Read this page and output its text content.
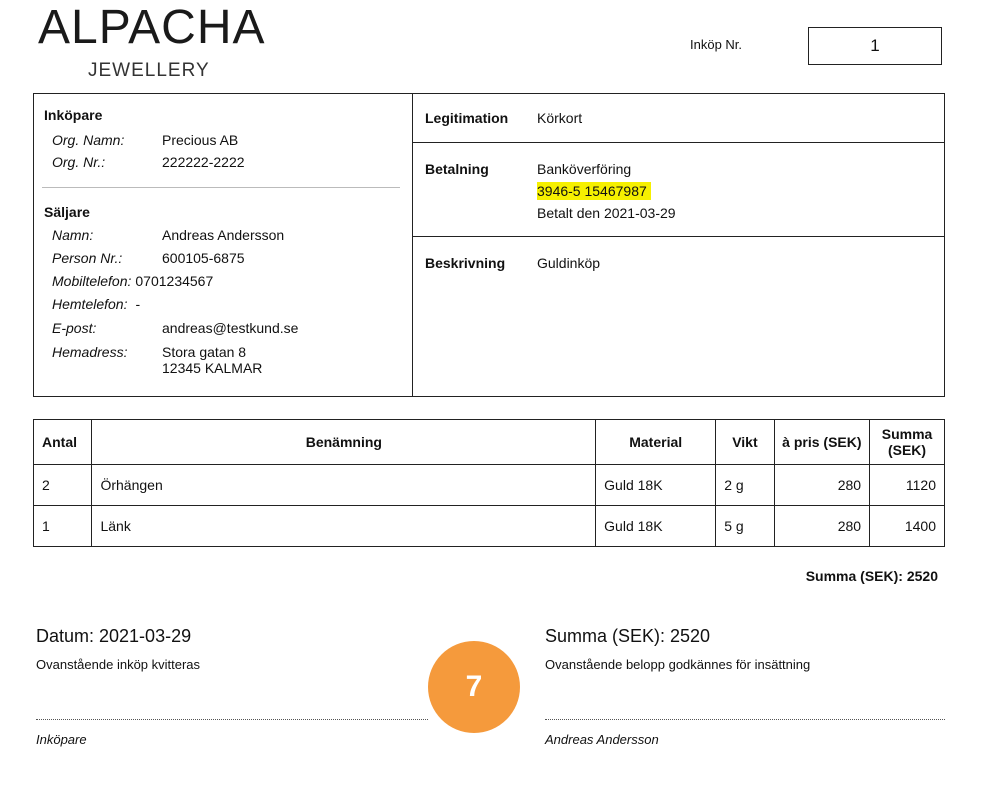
ALPACHA
JEWELLERY
Inköp Nr.	1
Inköpare
Org. Namn:	Precious AB
Org. Nr.:	222222-2222
Säljare
Namn:	Andreas Andersson
Person Nr.:	600105-6875
Mobiltelefon: 0701234567
Hemtelefon: -
E-post:	andreas@testkund.se
Hemadress:	Stora gatan 8
12345 KALMAR
Legitimation Körkort
Betalning	Banköverföring
3946-5 15467987
Betalt den 2021-03-29
Beskrivning Guldinköp
Antal	Benämning	Material	Vikt	à pris (SEK)	Summa
(SEK)
2	Örhängen	Guld 18K	2 g	280	1120
1	Länk	Guld 18K	5 g	280	1400
Summa (SEK): 2520
Datum: 2021-03-29
Ovanstående inköp kvitteras
Inköpare
Summa (SEK): 2520
Ovanstående belopp godkännes för insättning
Andreas Andersson
7
